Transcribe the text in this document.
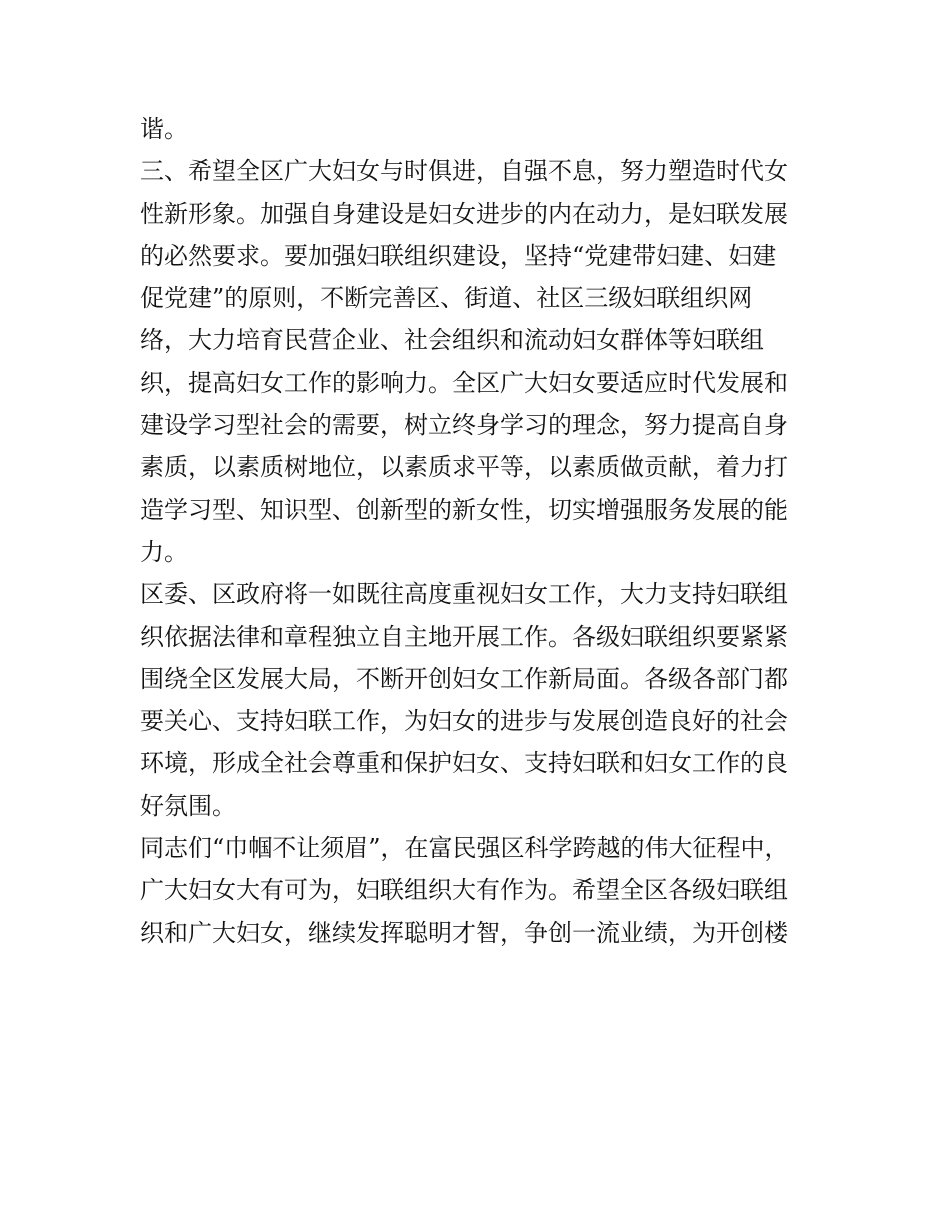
谐。
三、希望全区广大妇女与时俱进，自强不息，努力塑造时代女
性新形象。加强自身建设是妇女进步的内在动力，是妇联发展
的必然要求。要加强妇联组织建设，坚持“党建带妇建、妇建
促党建”的原则，不断完善区、街道、社区三级妇联组织网
络，大力培育民营企业、社会组织和流动妇女群体等妇联组
织，提高妇女工作的影响力。全区广大妇女要适应时代发展和
建设学习型社会的需要，树立终身学习的理念，努力提高自身
素质，以素质树地位，以素质求平等，以素质做贡献，着力打
造学习型、知识型、创新型的新女性，切实增强服务发展的能
力。
区委、区政府将一如既往高度重视妇女工作，大力支持妇联组
织依据法律和章程独立自主地开展工作。各级妇联组织要紧紧
围绕全区发展大局，不断开创妇女工作新局面。各级各部门都
要关心、支持妇联工作，为妇女的进步与发展创造良好的社会
环境，形成全社会尊重和保护妇女、支持妇联和妇女工作的良
好氛围。
同志们“巾帼不让须眉”，在富民强区科学跨越的伟大征程中，
广大妇女大有可为，妇联组织大有作为。希望全区各级妇联组
织和广大妇女，继续发挥聪明才智，争创一流业绩，为开创楼
